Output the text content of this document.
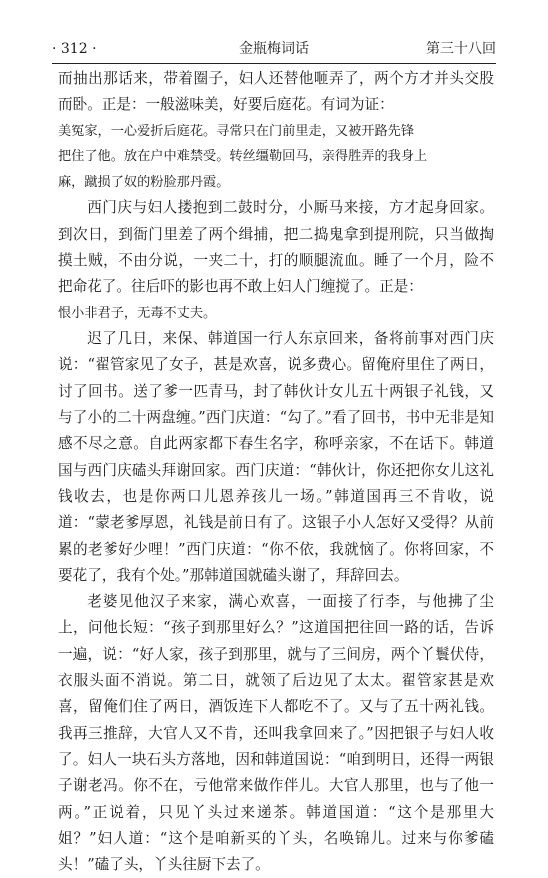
· 312 ·	金瓶梅词话	第三十八回

而抽出那话来，带着圈子，妇人还替他咂弄了，两个方才并头交股而卧。正是：一般滋味美，好要后庭花。有词为证：

美冤家，一心爱折后庭花。寻常只在门前里走，又被开路先锋

把住了他。放在户中难禁受。转丝缰勒回马，亲得胜弄的我身上

麻，蹴损了奴的粉脸那丹霞。

西门庆与妇人搂抱到二鼓时分，小厮马来接，方才起身回家。到次日，到衙门里差了两个缉捕，把二捣鬼拿到提刑院，只当做掏摸土贼，不由分说，一夹二十，打的顺腿流血。睡了一个月，险不把命花了。往后吓的影也再不敢上妇人门缠搅了。正是：

恨小非君子，无毒不丈夫。

迟了几日，来保、韩道国一行人东京回来，备将前事对西门庆说：“翟管家见了女子，甚是欢喜，说多费心。留俺府里住了两日，讨了回书。送了爹一匹青马，封了韩伙计女儿五十两银子礼钱，又与了小的二十两盘缠。”西门庆道：“勾了。”看了回书，书中无非是知感不尽之意。自此两家都下春生名字，称呼亲家，不在话下。韩道国与西门庆磕头拜谢回家。西门庆道：“韩伙计，你还把你女儿这礼钱收去，也是你两口儿恩养孩儿一场。”韩道国再三不肯收，说道：“蒙老爹厚恩，礼钱是前日有了。这银子小人怎好又受得？从前累的老爹好少哩！”西门庆道：“你不依，我就恼了。你将回家，不要花了，我有个处。”那韩道国就磕头谢了，拜辞回去。

老婆见他汉子来家，满心欢喜，一面接了行李，与他拂了尘上，问他长短：“孩子到那里好么？”这道国把往回一路的话，告诉一遍，说：“好人家，孩子到那里，就与了三间房，两个丫鬟伏侍，衣服头面不消说。第二日，就领了后边见了太太。翟管家甚是欢喜，留俺们住了两日，酒饭连下人都吃不了。又与了五十两礼钱。我再三推辞，大官人又不肯，还叫我拿回来了。”因把银子与妇人收了。妇人一块石头方落地，因和韩道国说：“咱到明日，还得一两银子谢老冯。你不在，亏他常来做作伴儿。大官人那里，也与了他一两。”正说着，只见丫头过来递茶。韩道国道：“这个是那里大姐？”妇人道：“这个是咱新买的丫头，名唤锦儿。过来与你爹磕头！”磕了头，丫头往厨下去了。
